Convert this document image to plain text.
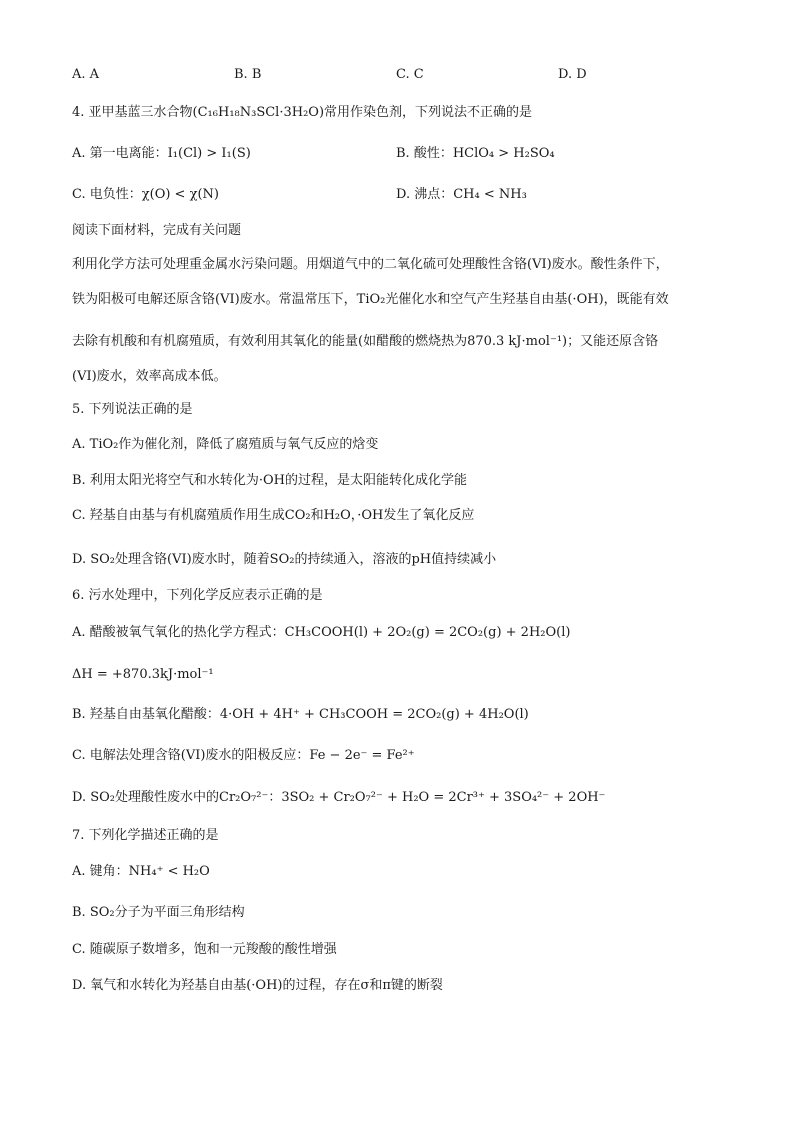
A. A	B. B	C. C	D. D
4. 亚甲基蓝三水合物(C₁₆H₁₈N₃SCl·3H₂O)常用作染色剂，下列说法不正确的是
A. 第一电离能：I₁(Cl) > I₁(S)	B. 酸性：HClO₄ > H₂SO₄
C. 电负性：χ(O) < χ(N)	D. 沸点：CH₄ < NH₃
阅读下面材料，完成有关问题
利用化学方法可处理重金属水污染问题。用烟道气中的二氧化硫可处理酸性含铬(VI)废水。酸性条件下，
铁为阳极可电解还原含铬(VI)废水。常温常压下，TiO₂光催化水和空气产生羟基自由基(·OH)，既能有效
去除有机酸和有机腐殖质，有效利用其氧化的能量(如醋酸的燃烧热为870.3 kJ·mol⁻¹)；又能还原含铬
(VI)废水，效率高成本低。
5. 下列说法正确的是
A. TiO₂作为催化剂，降低了腐殖质与氧气反应的焓变
B. 利用太阳光将空气和水转化为·OH的过程，是太阳能转化成化学能
C. 羟基自由基与有机腐殖质作用生成CO₂和H₂O，·OH发生了氧化反应
D. SO₂处理含铬(VI)废水时，随着SO₂的持续通入，溶液的pH值持续减小
6. 污水处理中，下列化学反应表示正确的是
A. 醋酸被氧气氧化的热化学方程式：CH₃COOH(l) + 2O₂(g) = 2CO₂(g) + 2H₂O(l)
ΔH = +870.3kJ·mol⁻¹
B. 羟基自由基氧化醋酸：4·OH + 4H⁺ + CH₃COOH = 2CO₂(g) + 4H₂O(l)
C. 电解法处理含铬(VI)废水的阳极反应：Fe − 2e⁻ = Fe²⁺
D. SO₂处理酸性废水中的Cr₂O₇²⁻：3SO₂ + Cr₂O₇²⁻ + H₂O = 2Cr³⁺ + 3SO₄²⁻ + 2OH⁻
7. 下列化学描述正确的是
A. 键角：NH₄⁺ < H₂O
B. SO₂分子为平面三角形结构
C. 随碳原子数增多，饱和一元羧酸的酸性增强
D. 氧气和水转化为羟基自由基(·OH)的过程，存在σ和π键的断裂
